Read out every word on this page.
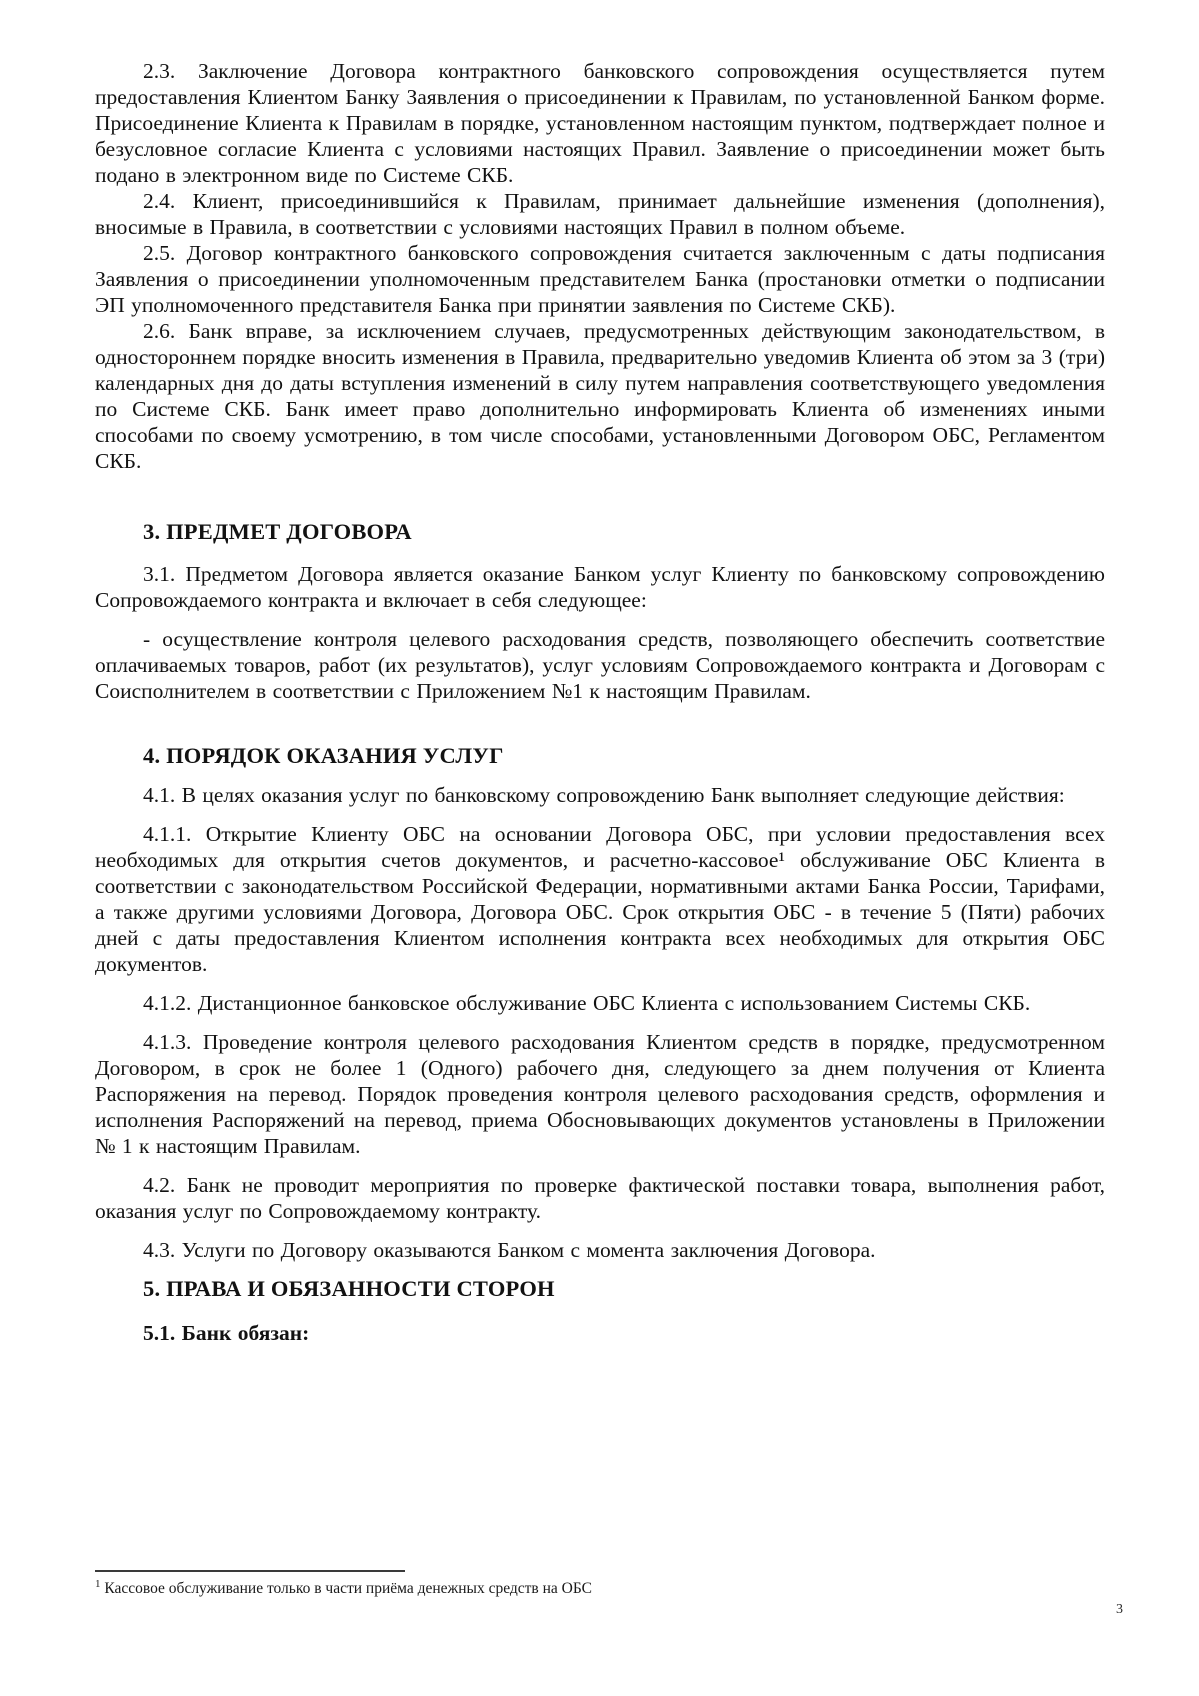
2.3. Заключение Договора контрактного банковского сопровождения осуществляется путем предоставления Клиентом Банку Заявления о присоединении к Правилам, по установленной Банком форме. Присоединение Клиента к Правилам в порядке, установленном настоящим пунктом, подтверждает полное и безусловное согласие Клиента с условиями настоящих Правил. Заявление о присоединении может быть подано в электронном виде по Системе СКБ.

2.4. Клиент, присоединившийся к Правилам, принимает дальнейшие изменения (дополнения), вносимые в Правила, в соответствии с условиями настоящих Правил в полном объеме.

2.5. Договор контрактного банковского сопровождения считается заключенным с даты подписания Заявления о присоединении уполномоченным представителем Банка (простановки отметки о подписании ЭП уполномоченного представителя Банка при принятии заявления по Системе СКБ).

2.6. Банк вправе, за исключением случаев, предусмотренных действующим законодательством, в одностороннем порядке вносить изменения в Правила, предварительно уведомив Клиента об этом за 3 (три) календарных дня до даты вступления изменений в силу путем направления соответствующего уведомления по Системе СКБ. Банк имеет право дополнительно информировать Клиента об изменениях иными способами по своему усмотрению, в том числе способами, установленными Договором ОБС, Регламентом СКБ.

3. ПРЕДМЕТ ДОГОВОРА

3.1. Предметом Договора является оказание Банком услуг Клиенту по банковскому сопровождению Сопровождаемого контракта и включает в себя следующее:

- осуществление контроля целевого расходования средств, позволяющего обеспечить соответствие оплачиваемых товаров, работ (их результатов), услуг условиям Сопровождаемого контракта и Договорам с Соисполнителем в соответствии с Приложением №1 к настоящим Правилам.

4. ПОРЯДОК ОКАЗАНИЯ УСЛУГ

4.1. В целях оказания услуг по банковскому сопровождению Банк выполняет следующие действия:

4.1.1. Открытие Клиенту ОБС на основании Договора ОБС, при условии предоставления всех необходимых для открытия счетов документов, и расчетно-кассовое¹ обслуживание ОБС Клиента в соответствии с законодательством Российской Федерации, нормативными актами Банка России, Тарифами, а также другими условиями Договора, Договора ОБС. Срок открытия ОБС - в течение 5 (Пяти) рабочих дней с даты предоставления Клиентом исполнения контракта всех необходимых для открытия ОБС документов.

4.1.2. Дистанционное банковское обслуживание ОБС Клиента с использованием Системы СКБ.

4.1.3. Проведение контроля целевого расходования Клиентом средств в порядке, предусмотренном Договором, в срок не более 1 (Одного) рабочего дня, следующего за днем получения от Клиента Распоряжения на перевод. Порядок проведения контроля целевого расходования средств, оформления и исполнения Распоряжений на перевод, приема Обосновывающих документов установлены в Приложении № 1 к настоящим Правилам.

4.2. Банк не проводит мероприятия по проверке фактической поставки товара, выполнения работ, оказания услуг по Сопровождаемому контракту.

4.3. Услуги по Договору оказываются Банком с момента заключения Договора.

5. ПРАВА И ОБЯЗАННОСТИ СТОРОН

5.1. Банк обязан:

$^1$ Кассовое обслуживание только в части приёма денежных средств на ОБС

3
